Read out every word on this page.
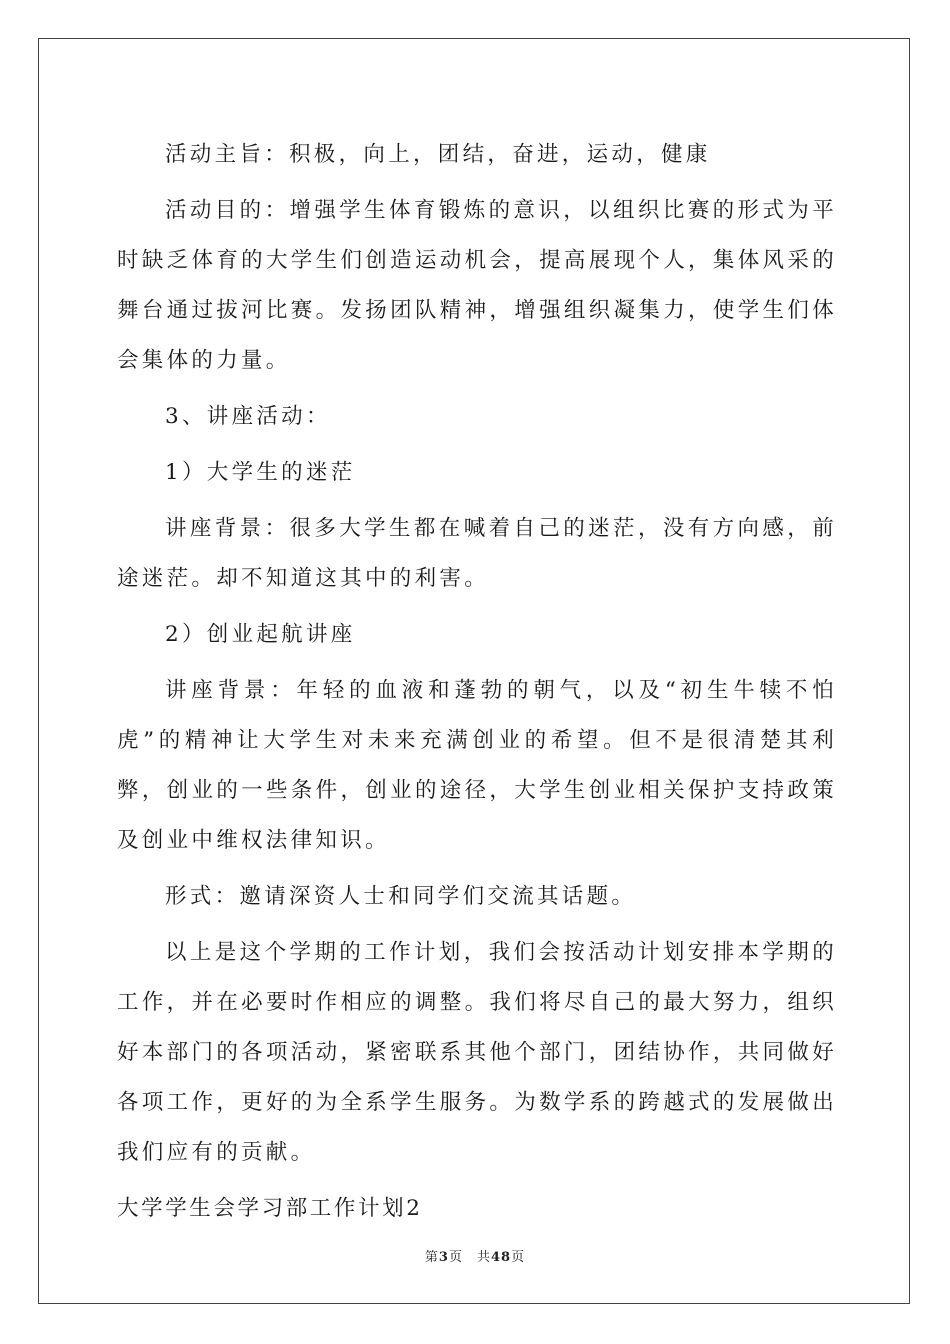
活动主旨：积极，向上，团结，奋进，运动，健康

活动目的：增强学生体育锻炼的意识，以组织比赛的形式为平时缺乏体育的大学生们创造运动机会，提高展现个人，集体风采的舞台通过拔河比赛。发扬团队精神，增强组织凝集力，使学生们体会集体的力量。

3、讲座活动：

1）大学生的迷茫

讲座背景：很多大学生都在喊着自己的迷茫，没有方向感，前途迷茫。却不知道这其中的利害。

2）创业起航讲座

讲座背景：年轻的血液和蓬勃的朝气，以及“初生牛犊不怕虎”的精神让大学生对未来充满创业的希望。但不是很清楚其利弊，创业的一些条件，创业的途径，大学生创业相关保护支持政策及创业中维权法律知识。

形式：邀请深资人士和同学们交流其话题。

以上是这个学期的工作计划，我们会按活动计划安排本学期的工作，并在必要时作相应的调整。我们将尽自己的最大努力，组织好本部门的各项活动，紧密联系其他个部门，团结协作，共同做好各项工作，更好的为全系学生服务。为数学系的跨越式的发展做出我们应有的贡献。

大学学生会学习部工作计划2

第3页 共48页
